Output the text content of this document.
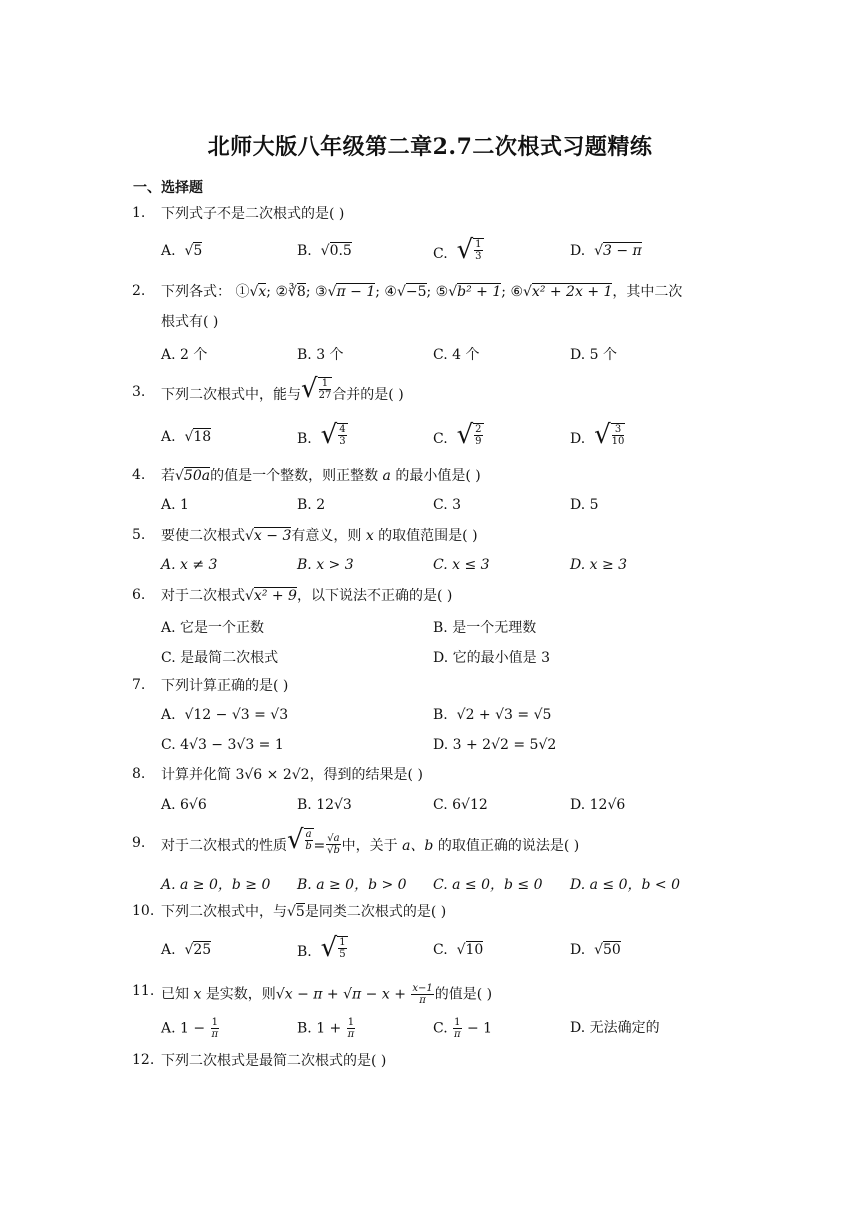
北师大版八年级第二章2.7二次根式习题精练
一、选择题
1. 下列式子不是二次根式的是( )
A.  √5	B.  √0.5	C. √ $\frac{1}{3}$	D.  √3 − π
2. 下列各式： ①√x; ②∛8; ③√π − 1; ④√−5; ⑤√b² + 1; ⑥√x² + 2x + 1，其中二次
根式有( )
A. 2 个	B. 3 个	C. 4 个	D. 5 个
3. 下列二次根式中，能与 √ $\frac{1}{27}$ 合并的是( )
A.  √18	B. √ $\frac{4}{3}$	C. √ $\frac{2}{9}$	D. √ $\frac{3}{10}$
4. 若√50a的值是一个整数，则正整数 a 的最小值是( )
A. 1	B. 2	C. 3	D. 5
5. 要使二次根式√x − 3有意义，则 x 的取值范围是( )
A. x ≠ 3	B. x > 3	C. x ≤ 3	D. x ≥ 3
6. 对于二次根式√x² + 9，以下说法不正确的是( )
A. 它是一个正数	B. 是一个无理数
C. 是最简二次根式	D. 它的最小值是 3
7. 下列计算正确的是( )
A. √12 − √3 = √3	B. √2 + √3 = √5
C. 4√3 − 3√3 = 1	D. 3 + 2√2 = 5√2
8. 计算并化简 3√6 × 2√2，得到的结果是( )
A. 6√6	B. 12√3	C. 6√12	D. 12√6
9. 对于二次根式的性质 √ $\frac{a}{b} = \frac{√a}{√b}$ 中，关于 a、b 的取值正确的说法是( )
A. a ≥ 0，b ≥ 0 B. a ≥ 0，b > 0 C. a ≤ 0，b ≤ 0 D. a ≤ 0，b < 0
10. 下列二次根式中，与√5是同类二次根式的是( )
A.  √25	B. √ $\frac{1}{5}$	C.  √10	D.  √50
11. 已知 x 是实数，则$√x - \pi + √\pi - x + \frac{x-1}{\pi}$ 的值是( )
A. $1 - \frac{1}{\pi}$	B. $1 + \frac{1}{\pi}$	C. $\frac{1}{\pi} - 1$	D. 无法确定的
12. 下列二次根式是最简二次根式的是( )
